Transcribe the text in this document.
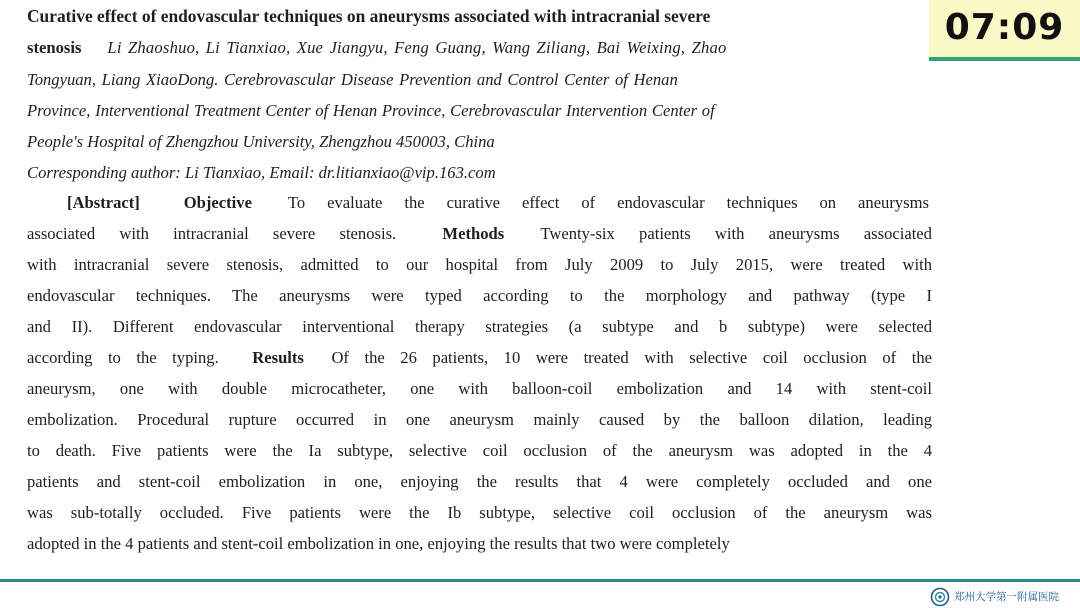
Curative effect of endovascular techniques on aneurysms associated with intracranial severe
stenosis Li Zhaoshuo, Li Tianxiao, Xue Jiangyu, Feng Guang, Wang Ziliang, Bai Weixing, Zhao
Tongyuan, Liang XiaoDong. Cerebrovascular Disease Prevention and Control Center of Henan
Province, Interventional Treatment Center of Henan Province, Cerebrovascular Intervention Center of
People's Hospital of Zhengzhou University, Zhengzhou 450003, China
Corresponding author: Li Tianxiao, Email: dr.litianxiao@vip.163.com
[Abstract]	Objective To evaluate the curative effect of endovascular techniques on aneurysms
associated with intracranial severe stenosis.	Methods Twenty-six patients with aneurysms associated
with intracranial severe stenosis, admitted to our hospital from July 2009 to July 2015, were treated with
endovascular techniques. The aneurysms were typed according to the morphology and pathway (type I
and II). Different endovascular interventional therapy strategies (a subtype and b subtype) were selected
according to the typing. Results Of the 26 patients, 10 were treated with selective coil occlusion of the
aneurysm, one with double microcatheter, one with balloon-coil embolization and 14 with stent-coil
embolization. Procedural rupture occurred in one aneurysm mainly caused by the balloon dilation, leading
to death. Five patients were the Ia subtype, selective coil occlusion of the aneurysm was adopted in the 4
patients and stent-coil embolization in one, enjoying the results that 4 were completely occluded and one
was sub-totally occluded. Five patients were the Ib subtype, selective coil occlusion of the aneurysm was
adopted in the 4 patients and stent-coil embolization in one, enjoying the results that two were completely
07:09
郑州大学第一附属医院
